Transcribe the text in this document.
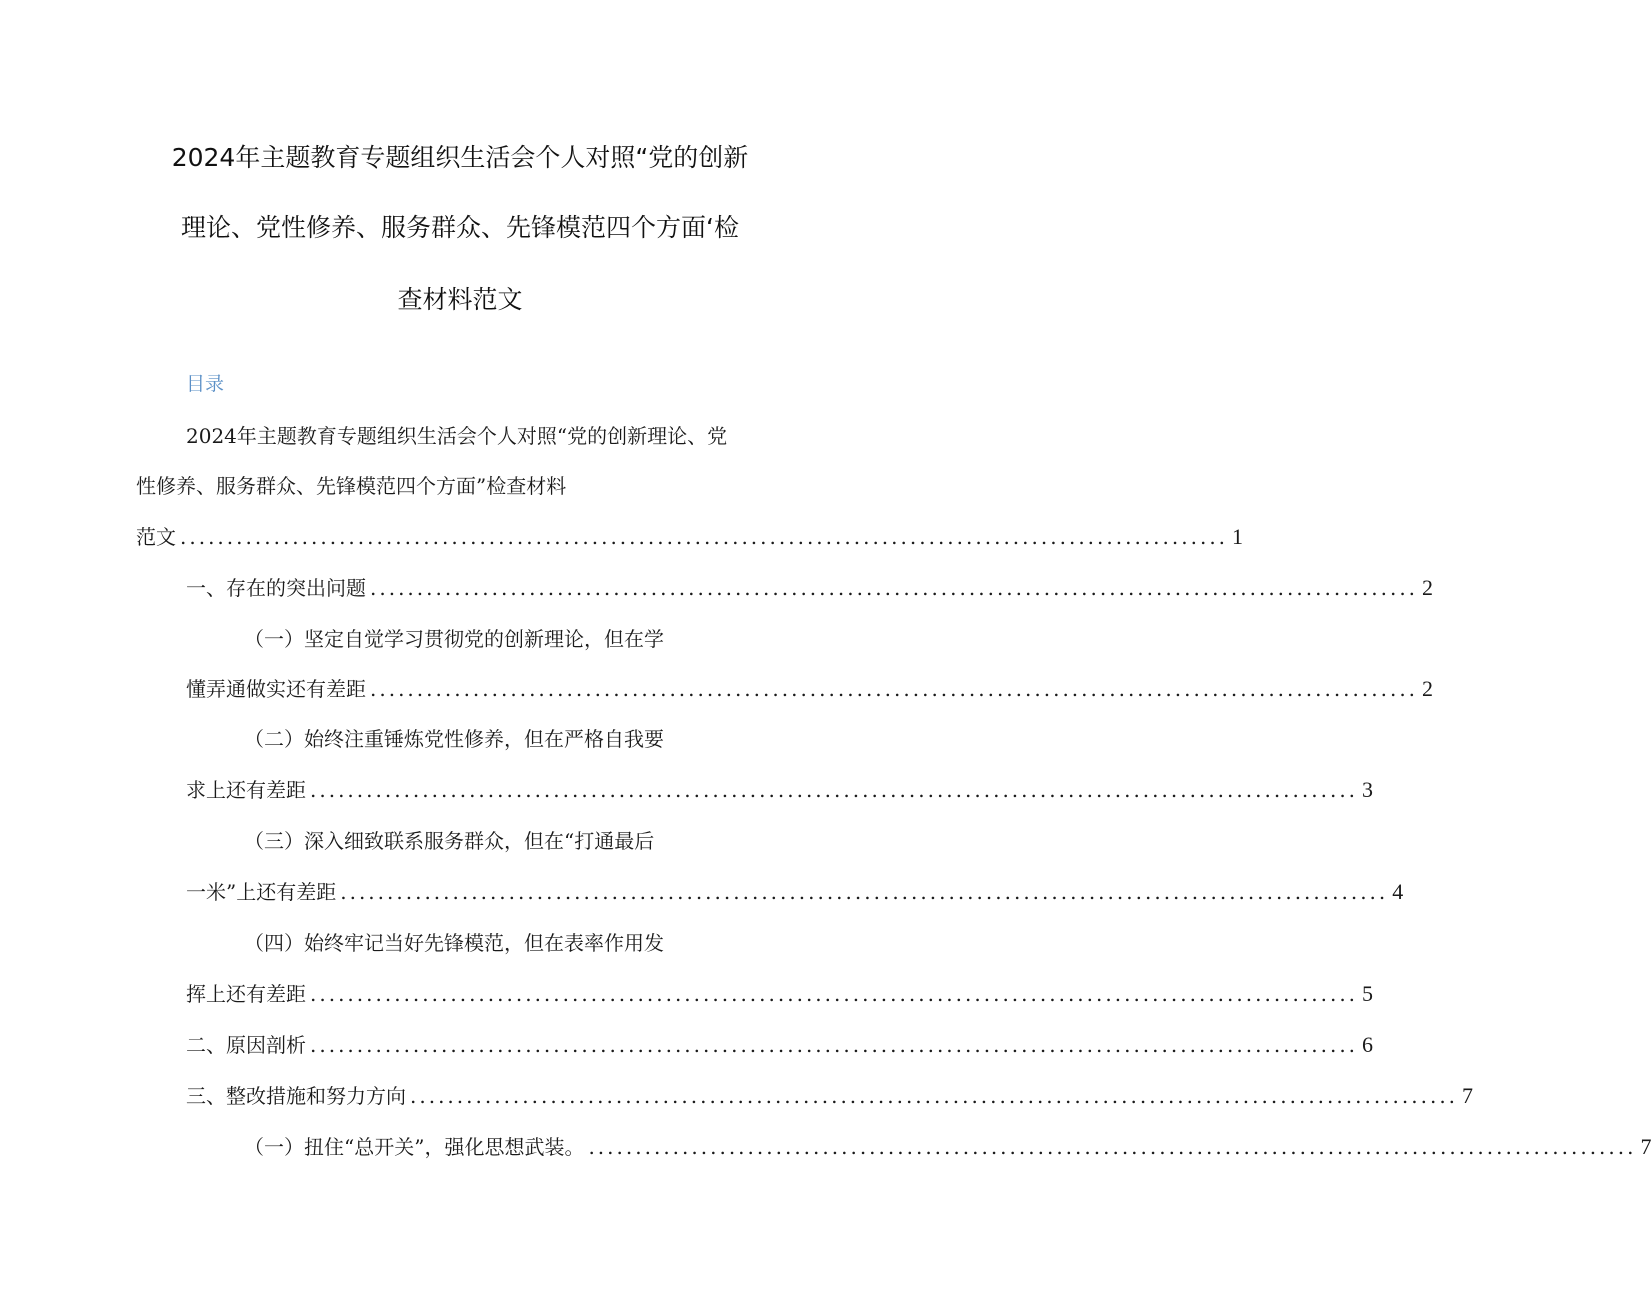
2024年主题教育专题组织生活会个人对照“党的创新
理论、党性修养、服务群众、先锋模范四个方面‘检
查材料范文
目录
2024年主题教育专题组织生活会个人对照“党的创新理论、党
性修养、服务群众、先锋模范四个方面”检查材料
范文 ................................................................................................................ 1
一、存在的突出问题 ................................................................................................................ 2
（一）坚定自觉学习贯彻党的创新理论，但在学
懂弄通做实还有差距 ................................................................................................................ 2
（二）始终注重锤炼党性修养，但在严格自我要
求上还有差距 ................................................................................................................ 3
（三）深入细致联系服务群众，但在“打通最后
一米”上还有差距 ................................................................................................................ 4
（四）始终牢记当好先锋模范，但在表率作用发
挥上还有差距 ................................................................................................................ 5
二、原因剖析 ................................................................................................................ 6
三、整改措施和努力方向 ................................................................................................................ 7
（一）扭住“总开关”，强化思想武装。 ................................................................................................................ 7
